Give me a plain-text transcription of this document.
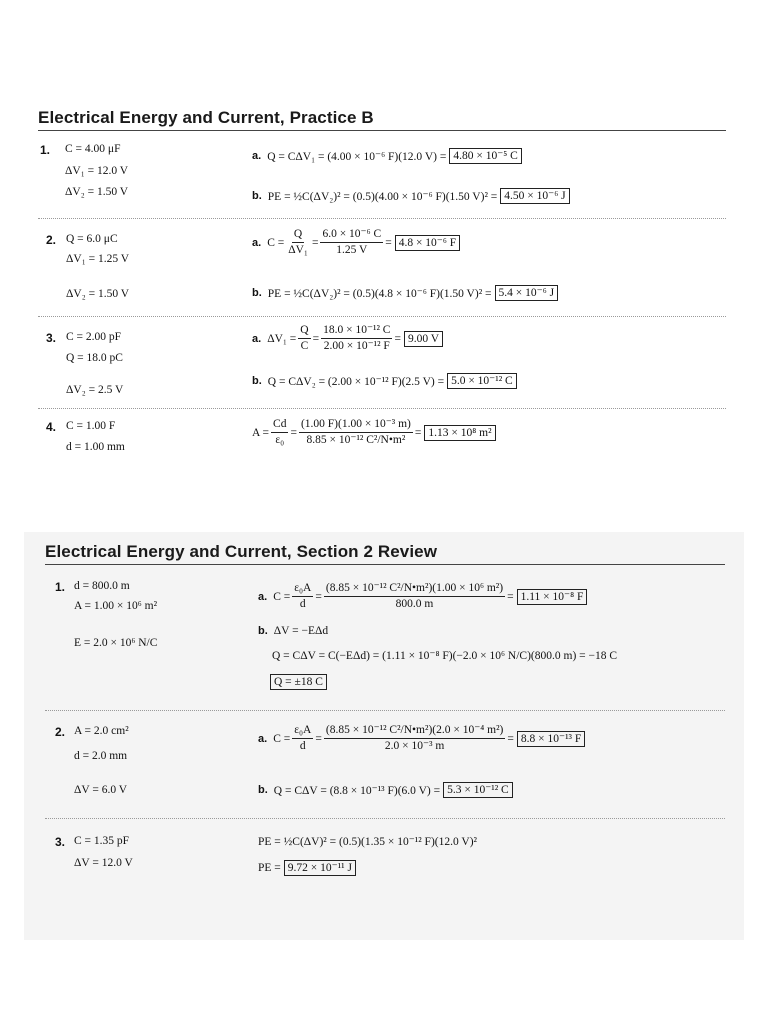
Electrical Energy and Current, Practice B
1. C = 4.00 μF
ΔV₁ = 12.0 V
ΔV₂ = 1.50 V
a. Q = CΔV₁ = (4.00 × 10⁻⁶ F)(12.0 V) = 4.80 × 10⁻⁵ C
b. PE = ½C(ΔV₂)² = (0.5)(4.00 × 10⁻⁶ F)(1.50 V)² = 4.50 × 10⁻⁶ J
2. Q = 6.0 μC
ΔV₁ = 1.25 V
ΔV₂ = 1.50 V
a. $C = \frac{Q}{\text{ΔV₁}} = \frac{\text{6.0 × 10⁻⁶ C}}{1.25 V} = 4.8 \times 10^{-6}$ F
b. PE = ½C(ΔV₂)² = (0.5)(4.8 × 10⁻⁶ F)(1.50 V)² = 5.4 × 10⁻⁶ J
3. C = 2.00 pF
Q = 18.0 pC
ΔV₂ = 2.5 V
a. $\Delta V_1 = \frac{Q}{C} = \frac{\text{18.0 × 10⁻¹² C}}{\text{2.00 × 10⁻¹² F}} = 9.00$ V
b. Q = CΔV₂ = (2.00 × 10⁻¹² F)(2.5 V) = 5.0 × 10⁻¹² C
4. C = 1.00 F
d = 1.00 mm
$A = \frac{Cd}{\text{ε₀}} = \frac{\text{(1.00 F)(1.00 × 10⁻³ m)}}{\text{8.85 × 10⁻¹² C²/N•m²}} = 1.13 \times 10^8$ m²
Electrical Energy and Current, Section 2 Review
1. d = 800.0 m
A = 1.00 × 10⁶ m²
E = 2.0 × 10⁶ N/C
a. $C = \frac{\text{ε₀A}}{d} = \frac{\text{(8.85 × 10⁻¹² C²/N•m²)(1.00 × 10⁶ m²)}}{800.0 m} = 1.11 \times 10^{-8}$ F
b. ΔV = −EΔd
Q = CΔV = C(−EΔd) = (1.11 × 10⁻⁸ F)(−2.0 × 10⁶ N/C)(800.0 m) = −18 C
Q = ±18 C
2. A = 2.0 cm²
d = 2.0 mm
ΔV = 6.0 V
a. $C = \frac{\text{ε₀A}}{d} = \frac{\text{(8.85 × 10⁻¹² C²/N•m²)(2.0 × 10⁻⁴ m²)}}{\text{2.0 × 10⁻³ m}} = 8.8 \times 10^{-13}$ F
b. Q = CΔV = (8.8 × 10⁻¹³ F)(6.0 V) = 5.3 × 10⁻¹² C
3. C = 1.35 pF
ΔV = 12.0 V
PE = ½C(ΔV)² = (0.5)(1.35 × 10⁻¹² F)(12.0 V)²
PE = 9.72 × 10⁻¹¹ J
